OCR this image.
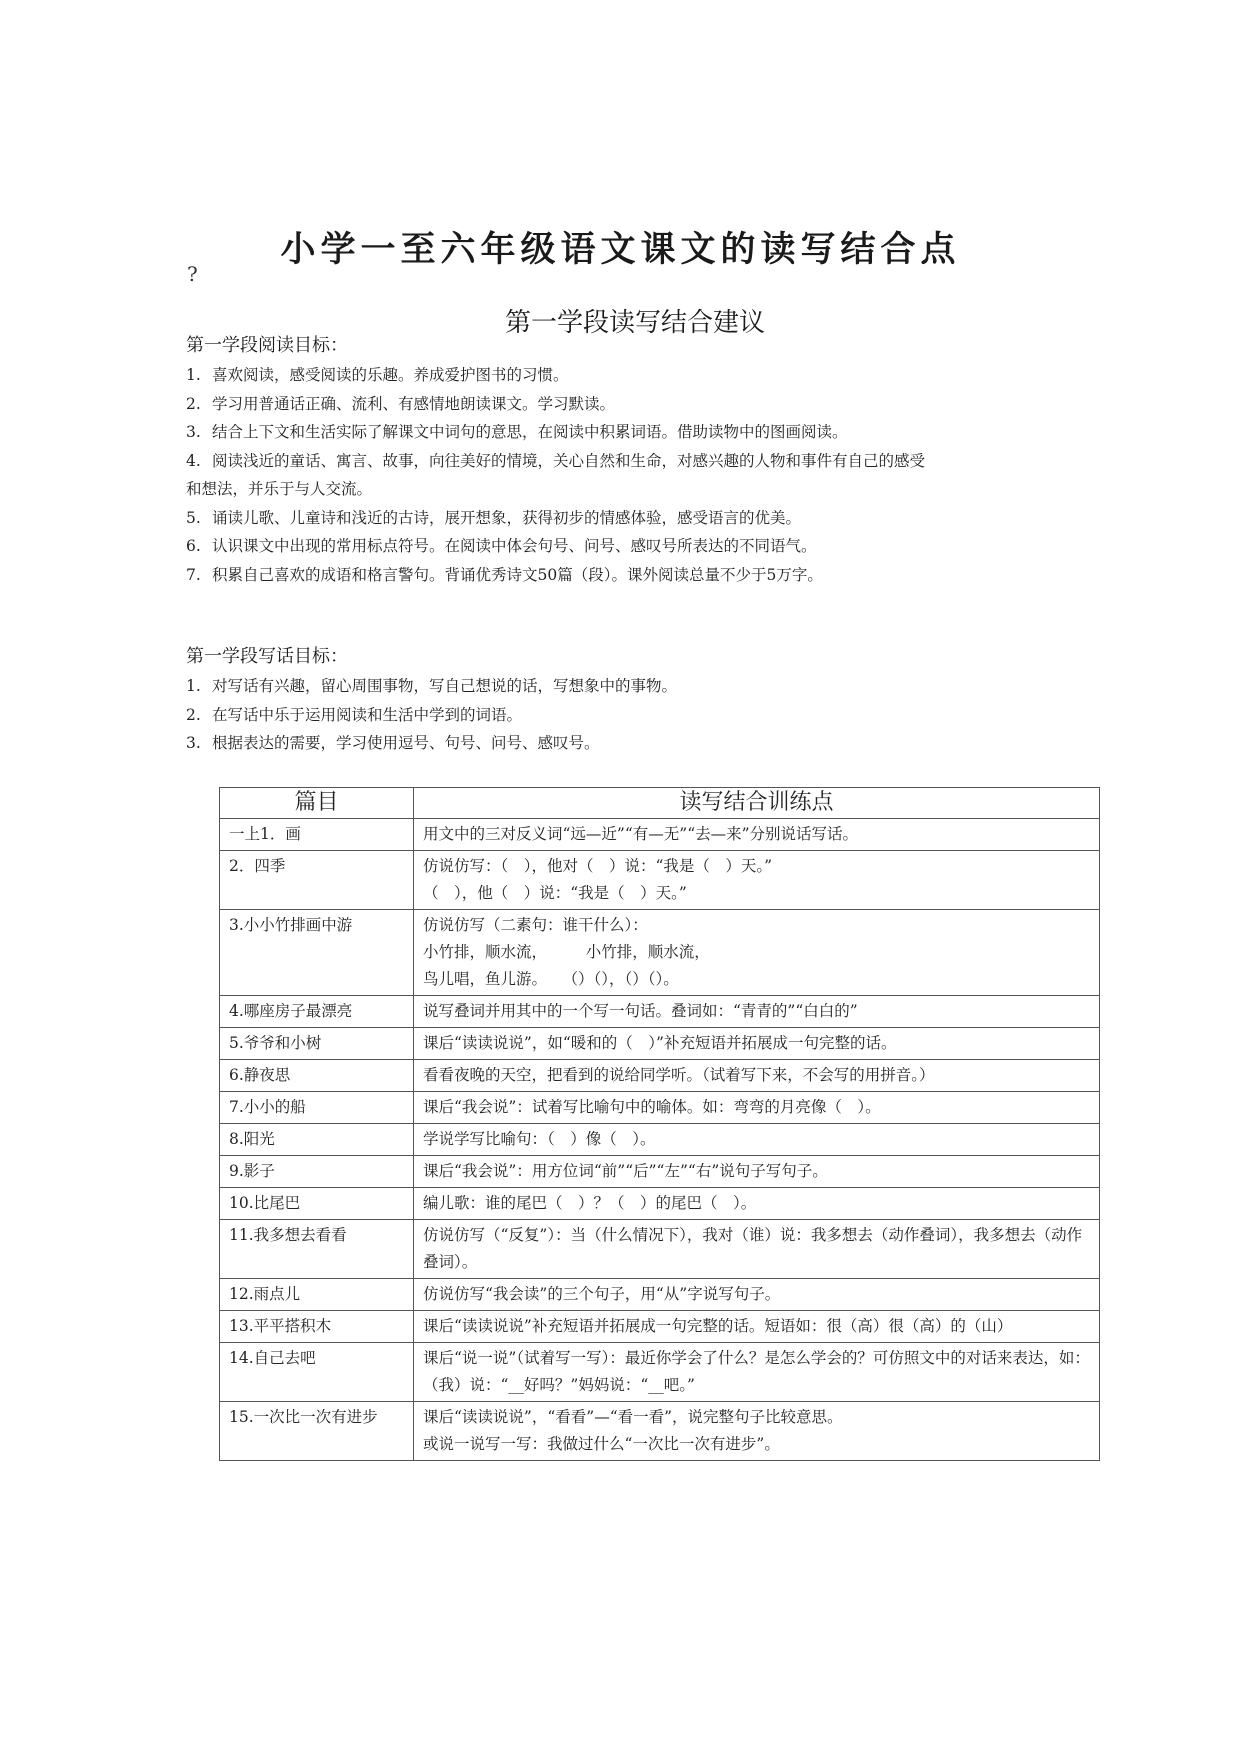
小学一至六年级语文课文的读写结合点
?
第一学段读写结合建议
第一学段阅读目标：
1. 喜欢阅读，感受阅读的乐趣。养成爱护图书的习惯。
2. 学习用普通话正确、流利、有感情地朗读课文。学习默读。
3. 结合上下文和生活实际了解课文中词句的意思，在阅读中积累词语。借助读物中的图画阅读。
4. 阅读浅近的童话、寓言、故事，向往美好的情境，关心自然和生命，对感兴趣的人物和事件有自己的感受
和想法，并乐于与人交流。
5. 诵读儿歌、儿童诗和浅近的古诗，展开想象，获得初步的情感体验，感受语言的优美。
6. 认识课文中出现的常用标点符号。在阅读中体会句号、问号、感叹号所表达的不同语气。
7. 积累自己喜欢的成语和格言警句。背诵优秀诗文50篇（段）。课外阅读总量不少于5万字。
第一学段写话目标：
1. 对写话有兴趣，留心周围事物，写自己想说的话，写想象中的事物。
2. 在写话中乐于运用阅读和生活中学到的词语。
3. 根据表达的需要，学习使用逗号、句号、问号、感叹号。
篇目	读写结合训练点
一上1．画	用文中的三对反义词“远—近”“有—无”“去—来”分别说话写话。
2．四季	仿说仿写：（　），他对（　）说：“我是（　）天。”
（　），他（　）说：“我是（　）天。”
3.小小竹排画中游	仿说仿写（二素句：谁干什么）：
小竹排，顺水流，　　　小竹排，顺水流，
鸟儿唱，鱼儿游。　　（）（），（）（）。
4.哪座房子最漂亮	说写叠词并用其中的一个写一句话。叠词如：“青青的”“白白的”
5.爷爷和小树	课后“读读说说”，如“暖和的（　）”补充短语并拓展成一句完整的话。
6.静夜思	看看夜晚的天空，把看到的说给同学听。（试着写下来，不会写的用拼音。）
7.小小的船	课后“我会说”：试着写比喻句中的喻体。如：弯弯的月亮像（　）。
8.阳光	学说学写比喻句：（　）像（　）。
9.影子	课后“我会说”：用方位词“前”“后”“左”“右”说句子写句子。
10.比尾巴	编儿歌：谁的尾巴（　）？（　）的尾巴（　）。
11.我多想去看看	仿说仿写（“反复”）：当（什么情况下），我对（谁）说：我多想去（动作叠词），我多想去（动作叠词）。
12.雨点儿	仿说仿写“我会读”的三个句子，用“从”字说写句子。
13.平平搭积木	课后“读读说说”补充短语并拓展成一句完整的话。短语如：很（高）很（高）的（山）
14.自己去吧	课后“说一说”（试着写一写）：最近你学会了什么？是怎么学会的？可仿照文中的对话来表达，如：（我）说：“__好吗？”妈妈说：“__吧。”
15.一次比一次有进步	课后“读读说说”，“看看”—“看一看”，说完整句子比较意思。
或说一说写一写：我做过什么“一次比一次有进步”。
